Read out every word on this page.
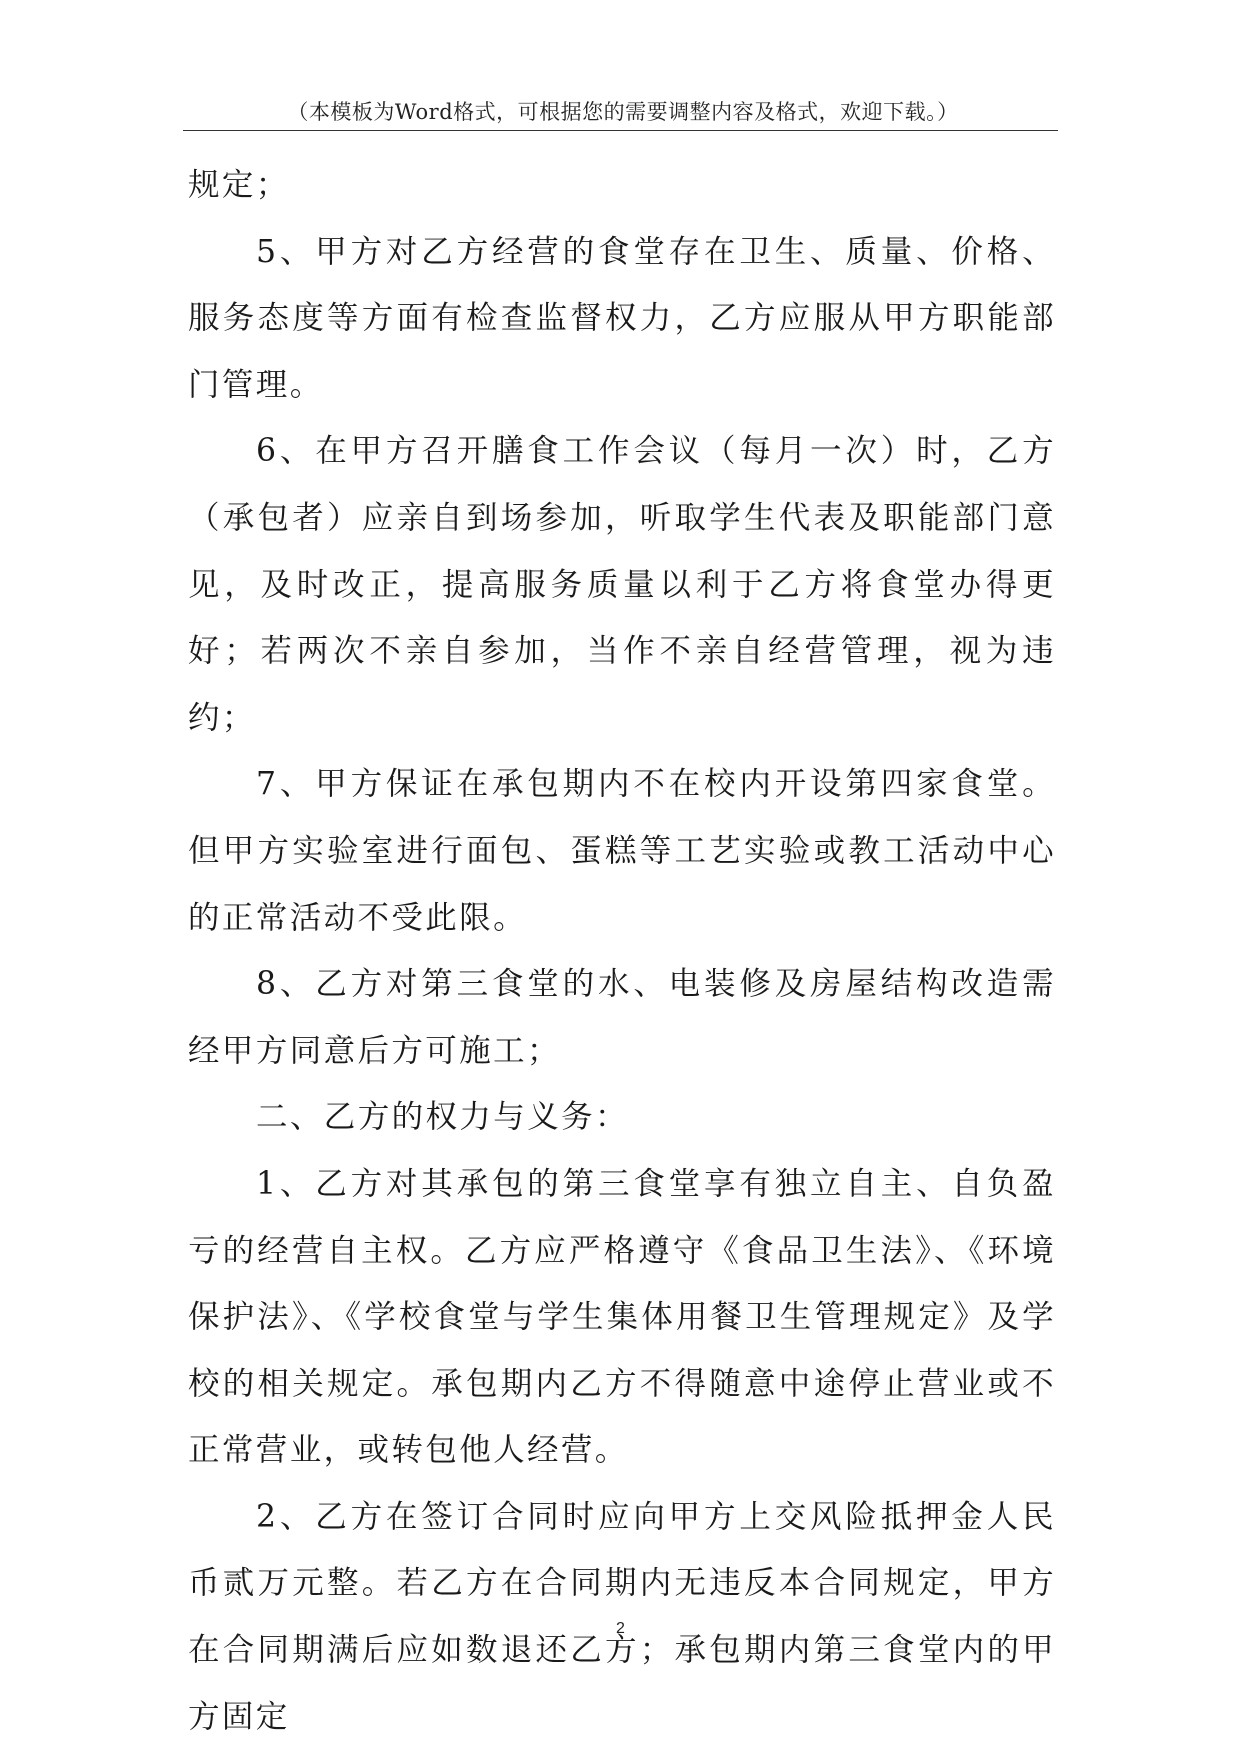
（本模板为Word格式，可根据您的需要调整内容及格式，欢迎下载。）

规定；

5、甲方对乙方经营的食堂存在卫生、质量、价格、服务态度等方面有检查监督权力，乙方应服从甲方职能部门管理。

6、在甲方召开膳食工作会议（每月一次）时，乙方（承包者）应亲自到场参加，听取学生代表及职能部门意见，及时改正，提高服务质量以利于乙方将食堂办得更好；若两次不亲自参加，当作不亲自经营管理，视为违约；

7、甲方保证在承包期内不在校内开设第四家食堂。但甲方实验室进行面包、蛋糕等工艺实验或教工活动中心的正常活动不受此限。

8、乙方对第三食堂的水、电装修及房屋结构改造需经甲方同意后方可施工；

二、乙方的权力与义务：

1、乙方对其承包的第三食堂享有独立自主、自负盈亏的经营自主权。乙方应严格遵守《食品卫生法》、《环境保护法》、《学校食堂与学生集体用餐卫生管理规定》及学校的相关规定。承包期内乙方不得随意中途停止营业或不正常营业，或转包他人经营。

2、乙方在签订合同时应向甲方上交风险抵押金人民币贰万元整。若乙方在合同期内无违反本合同规定，甲方在合同期满后应如数退还乙方；承包期内第三食堂内的甲方固定

2
